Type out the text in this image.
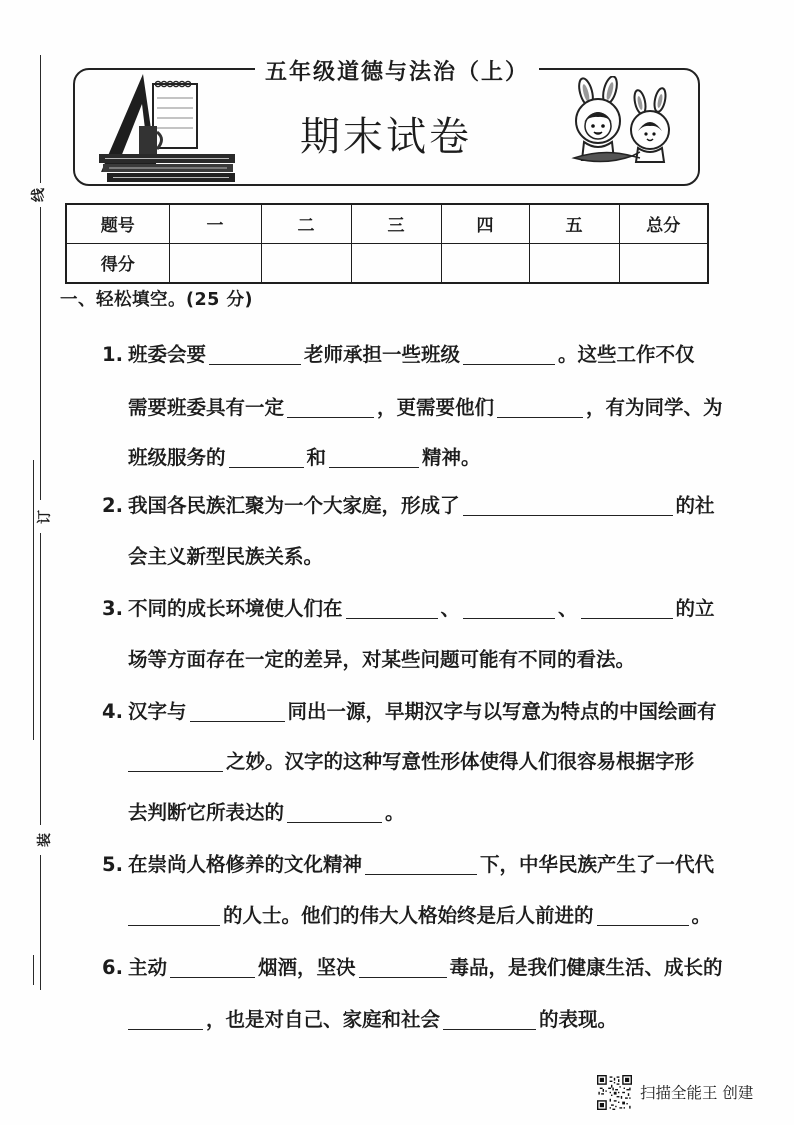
线
订
装
五年级道德与法治（上）
期末试卷
题号	一	二	三	四	五	总分
得分						
一、轻松填空。(25 分)
1. 班委会要	老师承担一些班级	。这些工作不仅
需要班委具有一定	，更需要他们	，有为同学、为
班级服务的	和	精神。
2. 我国各民族汇聚为一个大家庭，形成了	的社
会主义新型民族关系。
3. 不同的成长环境使人们在	、	、	的立
场等方面存在一定的差异，对某些问题可能有不同的看法。
4. 汉字与	同出一源，早期汉字与以写意为特点的中国绘画有
之妙。汉字的这种写意性形体使得人们很容易根据字形
去判断它所表达的	。
5. 在崇尚人格修养的文化精神	下，中华民族产生了一代代
的人士。他们的伟大人格始终是后人前进的	。
6. 主动	烟酒，坚决	毒品，是我们健康生活、成长的
，也是对自己、家庭和社会	的表现。
扫描全能王 创建
